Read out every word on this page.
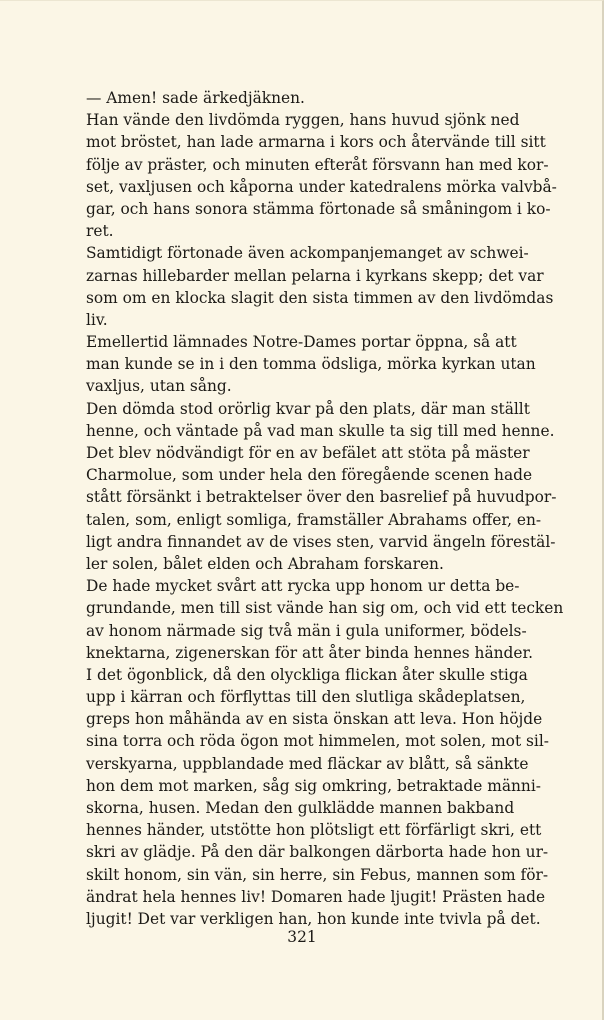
— Amen! sade ärkedjäknen.
Han vände den livdömda ryggen, hans huvud sjönk ned
mot bröstet, han lade armarna i kors och återvände till sitt
följe av präster, och minuten efteråt försvann han med kor-
set, vaxljusen och kåporna under katedralens mörka valvbå-
gar, och hans sonora stämma förtonade så småningom i ko-
ret.
Samtidigt förtonade även ackompanjemanget av schwei-
zarnas hillebarder mellan pelarna i kyrkans skepp; det var
som om en klocka slagit den sista timmen av den livdömdas
liv.
Emellertid lämnades Notre-Dames portar öppna, så att
man kunde se in i den tomma ödsliga, mörka kyrkan utan
vaxljus, utan sång.
Den dömda stod orörlig kvar på den plats, där man ställt
henne, och väntade på vad man skulle ta sig till med henne.
Det blev nödvändigt för en av befälet att stöta på mäster
Charmolue, som under hela den föregående scenen hade
stått försänkt i betraktelser över den basrelief på huvudpor-
talen, som, enligt somliga, framställer Abrahams offer, en-
ligt andra finnandet av de vises sten, varvid ängeln förestäl-
ler solen, bålet elden och Abraham forskaren.
De hade mycket svårt att rycka upp honom ur detta be-
grundande, men till sist vände han sig om, och vid ett tecken
av honom närmade sig två män i gula uniformer, bödels-
knektarna, zigenerskan för att åter binda hennes händer.
I det ögonblick, då den olyckliga flickan åter skulle stiga
upp i kärran och förflyttas till den slutliga skådeplatsen,
greps hon måhända av en sista önskan att leva. Hon höjde
sina torra och röda ögon mot himmelen, mot solen, mot sil-
verskyarna, uppblandade med fläckar av blått, så sänkte
hon dem mot marken, såg sig omkring, betraktade männi-
skorna, husen. Medan den gulklädde mannen bakband
hennes händer, utstötte hon plötsligt ett förfärligt skri, ett
skri av glädje. På den där balkongen därborta hade hon ur-
skilt honom, sin vän, sin herre, sin Febus, mannen som för-
ändrat hela hennes liv! Domaren hade ljugit! Prästen hade
ljugit! Det var verkligen han, hon kunde inte tvivla på det.
321
